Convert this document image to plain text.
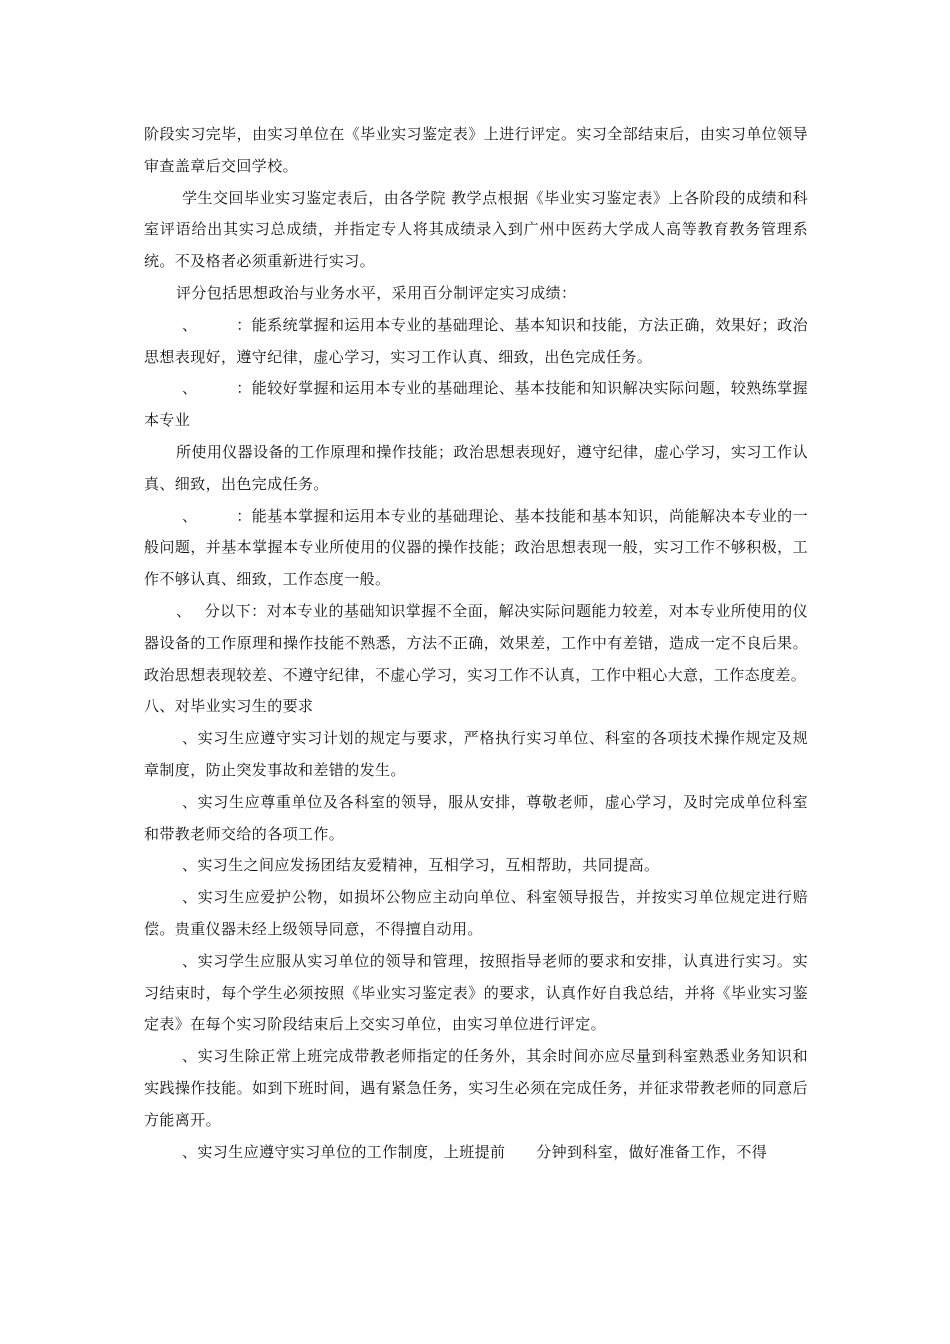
阶段实习完毕，由实习单位在《毕业实习鉴定表》上进行评定。实习全部结束后，由实习单位领导审查盖章后交回学校。

学生交回毕业实习鉴定表后，由各学院 教学点根据《毕业实习鉴定表》上各阶段的成绩和科室评语给出其实习总成绩，并指定专人将其成绩录入到广州中医药大学成人高等教育教务管理系统。不及格者必须重新进行实习。

评分包括思想政治与业务水平，采用百分制评定实习成绩：

、　　　：能系统掌握和运用本专业的基础理论、基本知识和技能，方法正确，效果好；政治思想表现好，遵守纪律，虚心学习，实习工作认真、细致，出色完成任务。

、　　　：能较好掌握和运用本专业的基础理论、基本技能和知识解决实际问题，较熟练掌握本专业

所使用仪器设备的工作原理和操作技能；政治思想表现好，遵守纪律，虚心学习，实习工作认真、细致，出色完成任务。

、　　　：能基本掌握和运用本专业的基础理论、基本技能和基本知识，尚能解决本专业的一般问题，并基本掌握本专业所使用的仪器的操作技能；政治思想表现一般，实习工作不够积极，工作不够认真、细致，工作态度一般。

、　 分以下：对本专业的基础知识掌握不全面，解决实际问题能力较差，对本专业所使用的仪器设备的工作原理和操作技能不熟悉，方法不正确，效果差，工作中有差错，造成一定不良后果。政治思想表现较差、不遵守纪律，不虚心学习，实习工作不认真，工作中粗心大意，工作态度差。

八、对毕业实习生的要求

、实习生应遵守实习计划的规定与要求，严格执行实习单位、科室的各项技术操作规定及规章制度，防止突发事故和差错的发生。

、实习生应尊重单位及各科室的领导，服从安排，尊敬老师，虚心学习，及时完成单位科室和带教老师交给的各项工作。

、实习生之间应发扬团结友爱精神，互相学习，互相帮助，共同提高。

、实习生应爱护公物，如损坏公物应主动向单位、科室领导报告，并按实习单位规定进行赔偿。贵重仪器未经上级领导同意，不得擅自动用。

、实习学生应服从实习单位的领导和管理，按照指导老师的要求和安排，认真进行实习。实习结束时，每个学生必须按照《毕业实习鉴定表》的要求，认真作好自我总结，并将《毕业实习鉴定表》在每个实习阶段结束后上交实习单位，由实习单位进行评定。

、实习生除正常上班完成带教老师指定的任务外，其余时间亦应尽量到科室熟悉业务知识和实践操作技能。如到下班时间，遇有紧急任务，实习生必须在完成任务，并征求带教老师的同意后方能离开。

、实习生应遵守实习单位的工作制度，上班提前　　分钟到科室，做好准备工作，不得
